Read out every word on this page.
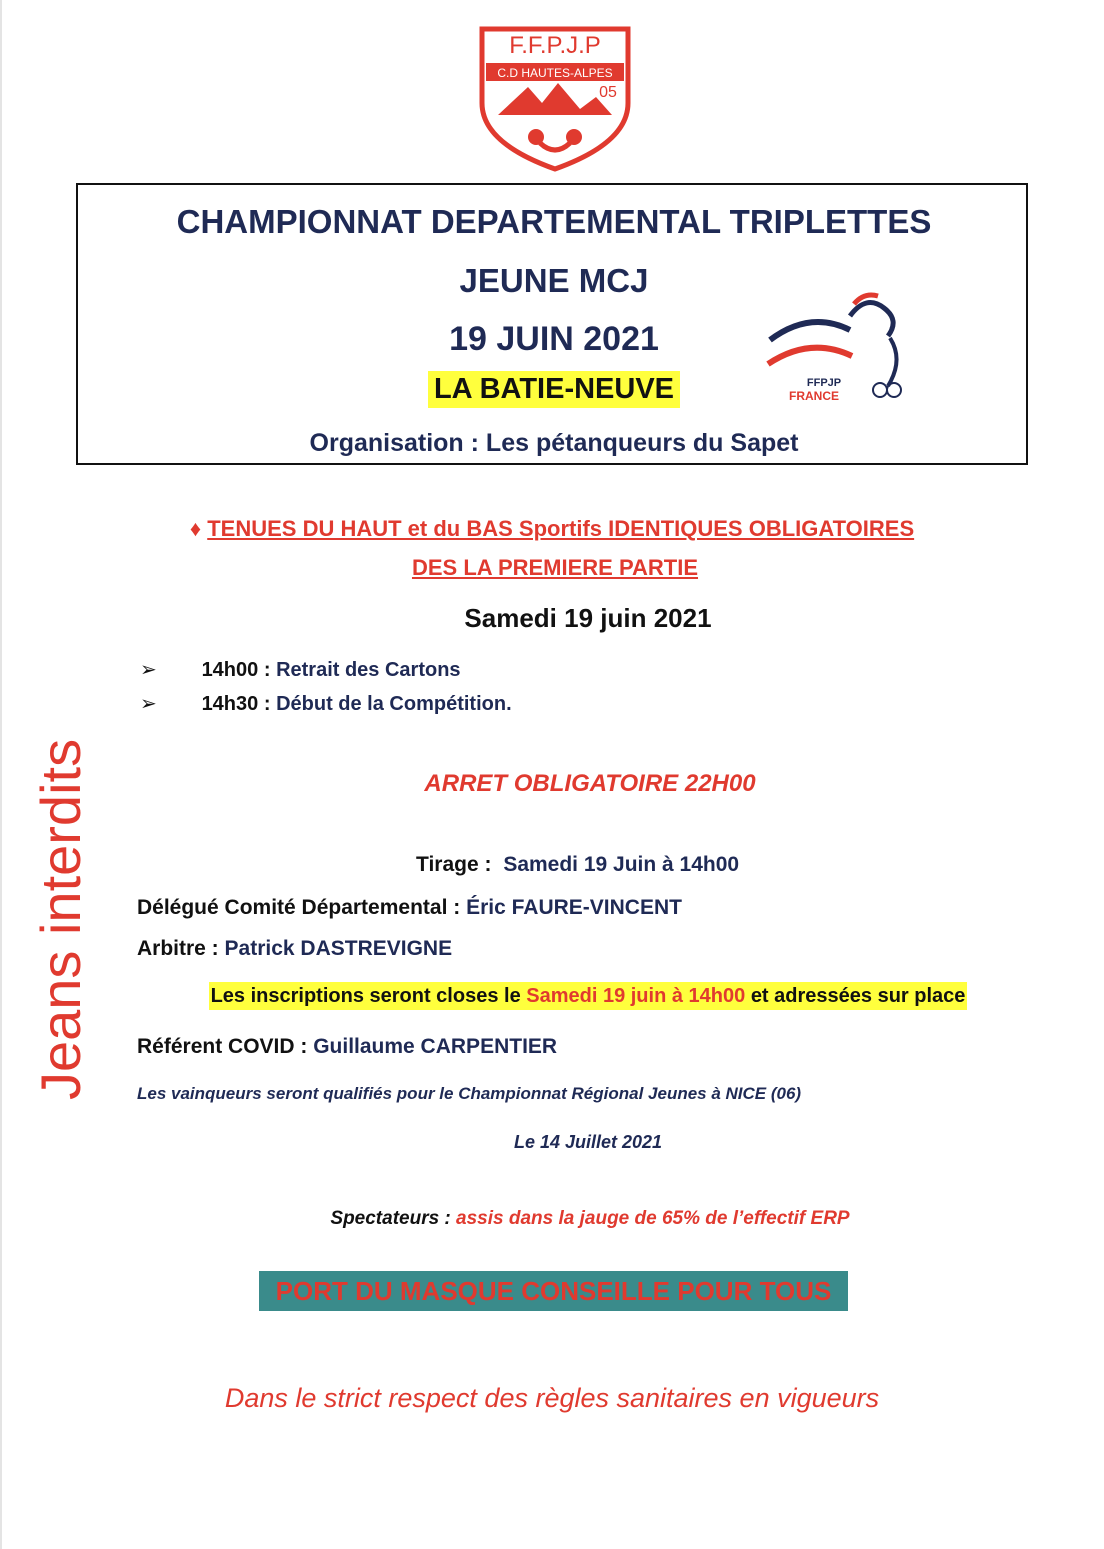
F.F.P.J.P
C.D HAUTES-ALPES
05
CHAMPIONNAT DEPARTEMENTAL TRIPLETTES
JEUNE MCJ
19 JUIN 2021
LA BATIE-NEUVE
Organisation : Les pétanqueurs du Sapet
FFPJP
FRANCE
♦ TENUES DU HAUT et du BAS Sportifs IDENTIQUES OBLIGATOIRES
DES LA PREMIERE PARTIE
Samedi 19 juin 2021
➢ 14h00 : Retrait des Cartons
➢ 14h30 : Début de la Compétition.
ARRET OBLIGATOIRE 22H00
Tirage : Samedi 19 Juin à 14h00
Délégué Comité Départemental : Éric FAURE-VINCENT
Arbitre : Patrick DASTREVIGNE
Les inscriptions seront closes le Samedi 19 juin à 14h00 et adressées sur place
Référent COVID : Guillaume CARPENTIER
Les vainqueurs seront qualifiés pour le Championnat Régional Jeunes à NICE (06)
Le 14 Juillet 2021
Spectateurs : assis dans la jauge de 65% de l’effectif ERP
PORT DU MASQUE CONSEILLE POUR TOUS
Dans le strict respect des règles sanitaires en vigueurs
Jeans interdits
